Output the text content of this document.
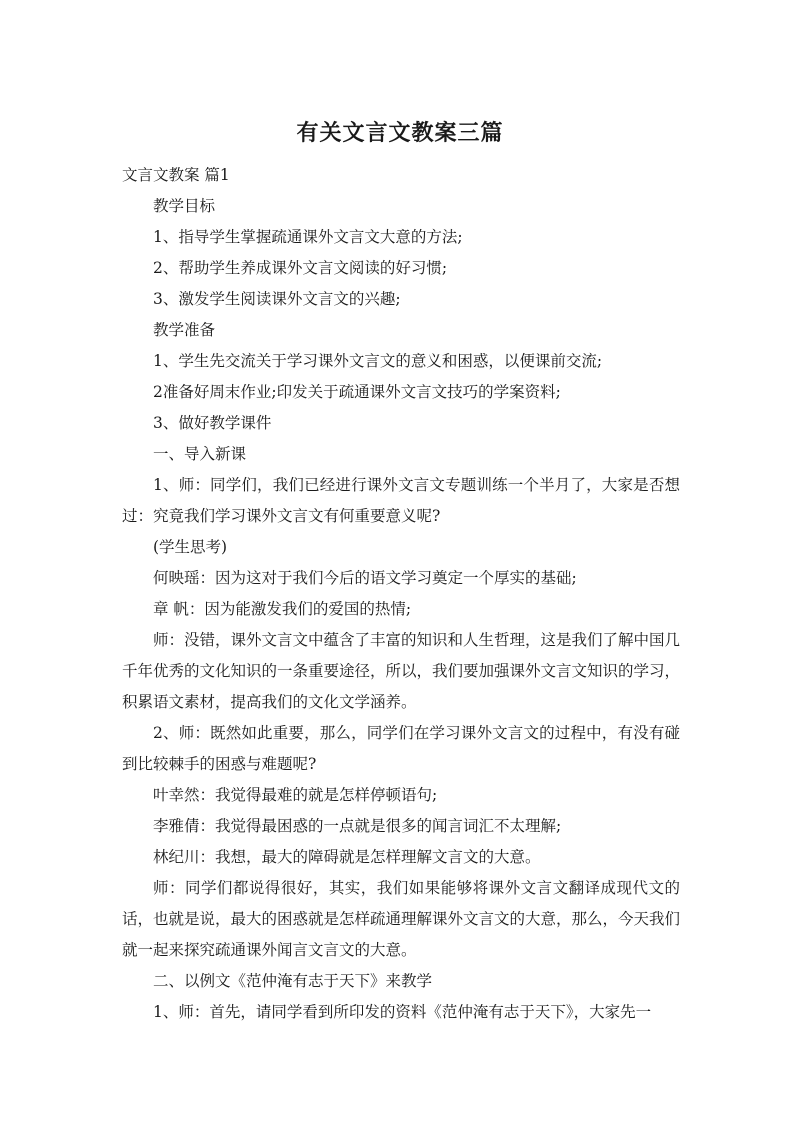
有关文言文教案三篇

文言文教案 篇1

教学目标

1、指导学生掌握疏通课外文言文大意的方法;

2、帮助学生养成课外文言文阅读的好习惯;

3、激发学生阅读课外文言文的兴趣;

教学准备

1、学生先交流关于学习课外文言文的意义和困惑，以便课前交流;

2准备好周末作业;印发关于疏通课外文言文技巧的学案资料;

3、做好教学课件

一、导入新课

1、师：同学们，我们已经进行课外文言文专题训练一个半月了，大家是否想过：究竟我们学习课外文言文有何重要意义呢?

(学生思考)

何映瑶：因为这对于我们今后的语文学习奠定一个厚实的基础;

章 帆：因为能激发我们的爱国的热情;

师：没错，课外文言文中蕴含了丰富的知识和人生哲理，这是我们了解中国几千年优秀的文化知识的一条重要途径，所以，我们要加强课外文言文知识的学习，积累语文素材，提高我们的文化文学涵养。

2、师：既然如此重要，那么，同学们在学习课外文言文的过程中，有没有碰到比较棘手的困惑与难题呢?

叶幸然：我觉得最难的就是怎样停顿语句;

李雅倩：我觉得最困惑的一点就是很多的闻言词汇不太理解;

林纪川：我想，最大的障碍就是怎样理解文言文的大意。

师：同学们都说得很好，其实，我们如果能够将课外文言文翻译成现代文的话，也就是说，最大的困惑就是怎样疏通理解课外文言文的大意，那么，今天我们就一起来探究疏通课外闻言文言文的大意。

二、以例文《范仲淹有志于天下》来教学

1、师：首先，请同学看到所印发的资料《范仲淹有志于天下》，大家先一
